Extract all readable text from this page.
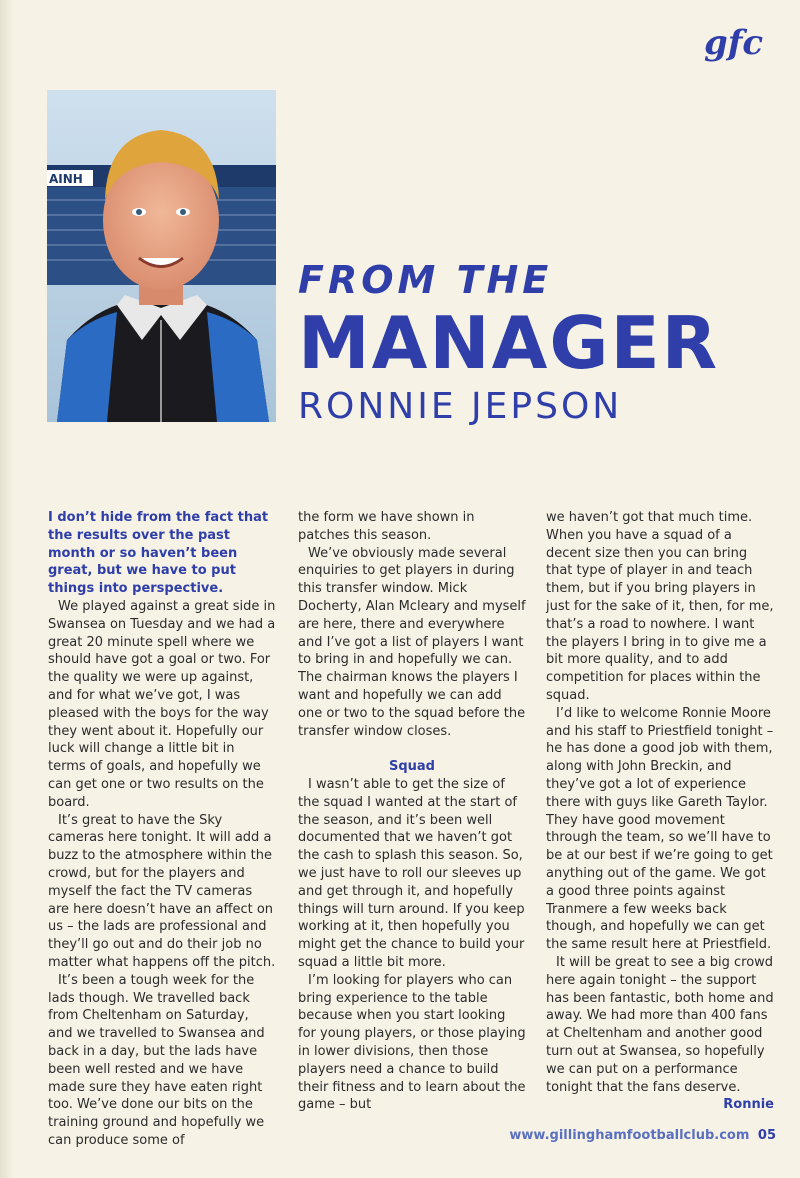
gfc
AINH
FROM THE
MANAGER
RONNIE JEPSON

I don’t hide from the fact that the results over the past month or so haven’t been great, but we have to put things into perspective.

We played against a great side in Swansea on Tuesday and we had a great 20 minute spell where we should have got a goal or two. For the quality we were up against, and for what we’ve got, I was pleased with the boys for the way they went about it. Hopefully our luck will change a little bit in terms of goals, and hopefully we can get one or two results on the board.

It’s great to have the Sky cameras here tonight. It will add a buzz to the atmosphere within the crowd, but for the players and myself the fact the TV cameras are here doesn’t have an affect on us – the lads are professional and they’ll go out and do their job no matter what happens off the pitch.

It’s been a tough week for the lads though. We travelled back from Cheltenham on Saturday, and we travelled to Swansea and back in a day, but the lads have been well rested and we have made sure they have eaten right too. We’ve done our bits on the training ground and hopefully we can produce some of

the form we have shown in patches this season.

We’ve obviously made several enquiries to get players in during this transfer window. Mick Docherty, Alan Mcleary and myself are here, there and everywhere and I’ve got a list of players I want to bring in and hopefully we can. The chairman knows the players I want and hopefully we can add one or two to the squad before the transfer window closes.

Squad

I wasn’t able to get the size of the squad I wanted at the start of the season, and it’s been well documented that we haven’t got the cash to splash this season. So, we just have to roll our sleeves up and get through it, and hopefully things will turn around. If you keep working at it, then hopefully you might get the chance to build your squad a little bit more.

I’m looking for players who can bring experience to the table because when you start looking for young players, or those playing in lower divisions, then those players need a chance to build their fitness and to learn about the game – but

we haven’t got that much time. When you have a squad of a decent size then you can bring that type of player in and teach them, but if you bring players in just for the sake of it, then, for me, that’s a road to nowhere. I want the players I bring in to give me a bit more quality, and to add competition for places within the squad.

I’d like to welcome Ronnie Moore and his staff to Priestfield tonight – he has done a good job with them, along with John Breckin, and they’ve got a lot of experience there with guys like Gareth Taylor. They have good movement through the team, so we’ll have to be at our best if we’re going to get anything out of the game. We got a good three points against Tranmere a few weeks back though, and hopefully we can get the same result here at Priestfield.

It will be great to see a big crowd here again tonight – the support has been fantastic, both home and away. We had more than 400 fans at Cheltenham and another good turn out at Swansea, so hopefully we can put on a performance tonight that the fans deserve.

Ronnie

www.gillinghamfootballclub.com 05
